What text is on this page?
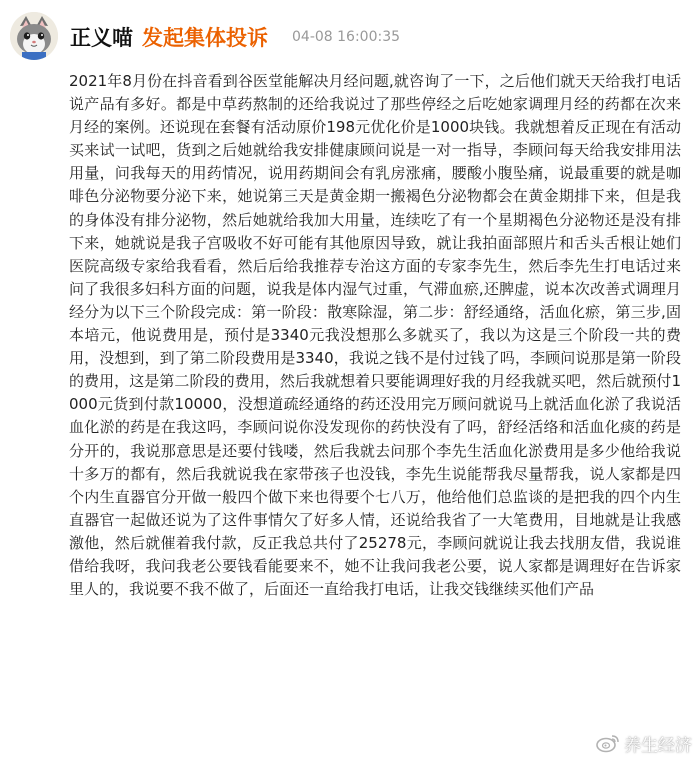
正义喵 发起集体投诉 04-08 16:00:35

2021年8月份在抖音看到谷医堂能解决月经问题,就咨询了一下，之后他们就天天给我打电话说产品有多好。都是中草药熬制的还给我说过了那些停经之后吃她家调理月经的药都在次来月经的案例。还说现在套餐有活动原价198元优化价是1000块钱。我就想着反正现在有活动买来试一试吧，货到之后她就给我安排健康顾问说是一对一指导，李顾问每天给我安排用法用量，问我每天的用药情况，说用药期间会有乳房涨痛，腰酸小腹坠痛，说最重要的就是咖啡色分泌物要分泌下来，她说第三天是黄金期一搬褐色分泌物都会在黄金期排下来，但是我的身体没有排分泌物，然后她就给我加大用量，连续吃了有一个星期褐色分泌物还是没有排下来，她就说是我子宫吸收不好可能有其他原因导致，就让我拍面部照片和舌头舌根让她们医院高级专家给我看看，然后后给我推荐专治这方面的专家李先生，然后李先生打电话过来问了我很多妇科方面的问题，说我是体内湿气过重，气滞血瘀,还脾虚，说本次改善式调理月经分为以下三个阶段完成：第一阶段：散寒除湿，第二步：舒经通络，活血化瘀，第三步,固本培元，他说费用是，预付是3340元我没想那么多就买了，我以为这是三个阶段一共的费用，没想到，到了第二阶段费用是3340，我说之钱不是付过钱了吗，李顾问说那是第一阶段的费用，这是第二阶段的费用，然后我就想着只要能调理好我的月经我就买吧，然后就预付1000元货到付款10000，没想道疏经通络的药还没用完万顾问就说马上就活血化淤了我说活血化淤的药是在我这吗，李顾问说你没发现你的药快没有了吗，舒经活络和活血化痰的药是分开的，我说那意思是还要付钱喽，然后我就去问那个李先生活血化淤费用是多少他给我说十多万的都有，然后我就说我在家带孩子也没钱，李先生说能帮我尽量帮我，说人家都是四个内生直器官分开做一般四个做下来也得要个七八万，他给他们总监谈的是把我的四个内生直器官一起做还说为了这件事情欠了好多人情，还说给我省了一大笔费用，目地就是让我感激他，然后就催着我付款，反正我总共付了25278元，李顾问就说让我去找朋友借，我说谁借给我呀，我问我老公要钱看能要来不，她不让我问我老公要，说人家都是调理好在告诉家里人的，我说要不我不做了，后面还一直给我打电话，让我交钱继续买他们产品

养生经济
